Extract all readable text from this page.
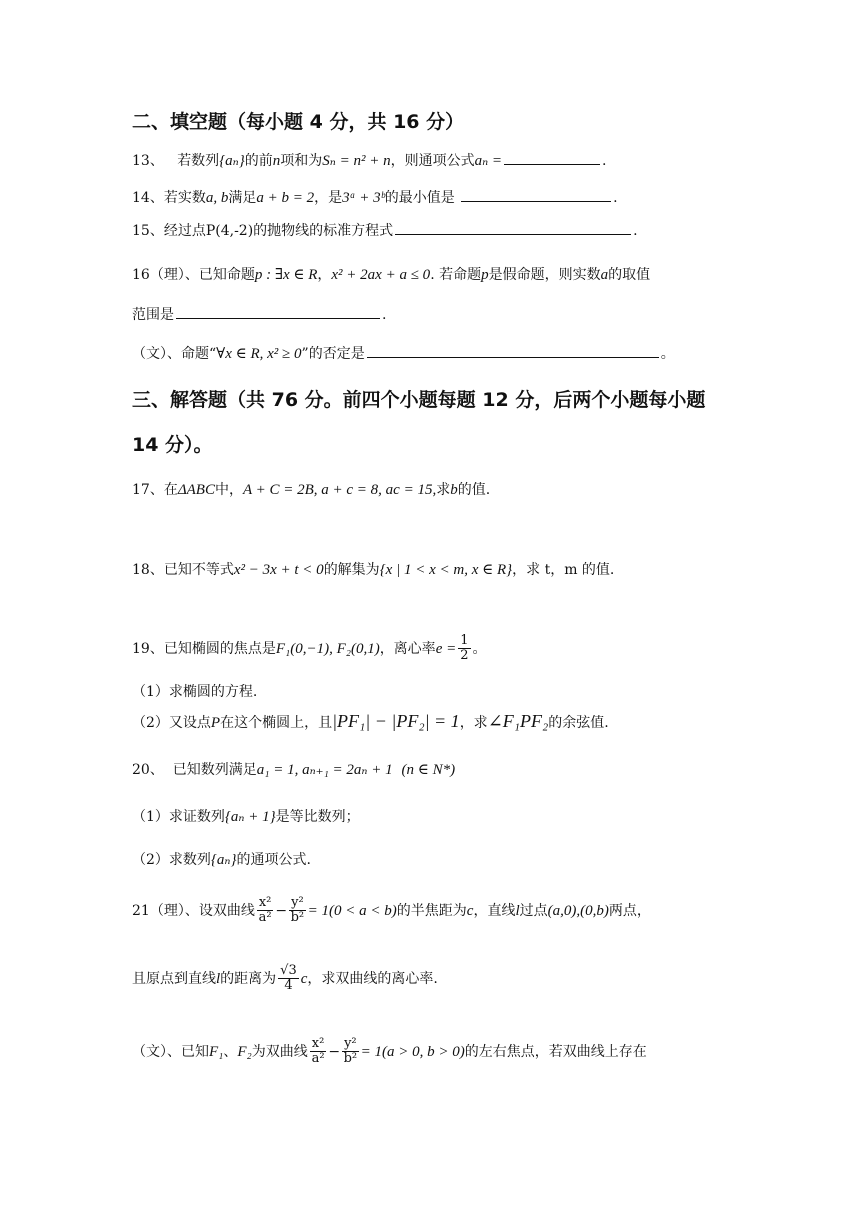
二、填空题（每小题 4 分，共 16 分）
13、 若数列{aₙ}的前n项和为Sₙ = n² + n，则通项公式aₙ =	.
14、若实数a, b满足a + b = 2，是3ᵃ + 3ᵇ的最小值是	.
15、经过点P(4,-2)的抛物线的标准方程式	.
16（理）、已知命题p : ∃x ∈ R，x² + 2ax + a ≤ 0. 若命题p是假命题，则实数a的取值
范围是	.
（文）、命题“∀x ∈ R, x² ≥ 0”的否定是	。
三、解答题（共 76 分。前四个小题每题 12 分，后两个小题每小题
14 分）。
17、在ΔABC中，A + C = 2B, a + c = 8, ac = 15,求b的值.
18、已知不等式x² − 3x + t < 0的解集为{x | 1 < x < m, x ∈ R}，求 t，m 的值.
19、已知椭圆的焦点是F₁(0,−1), F₂(0,1)，离心率$e = \frac{1}{2}$ 。
（1）求椭圆的方程.
（2）又设点P在这个椭圆上，且|PF₁| − |PF₂| = 1，求∠F₁PF₂的余弦值.
20、 已知数列满足a₁ = 1, aₙ₊₁ = 2aₙ + 1 (n ∈ N*)
（1）求证数列{aₙ + 1}是等比数列；
（2）求数列{aₙ}的通项公式.
21（理）、设双曲线 $\frac{\text{x²}}{\text{a²}} - \frac{\text{y²}}{\text{b²}} = 1(0 < a < b)$的半焦距为c，直线l过点(a,0),(0,b)两点，
且原点到直线l的距离为 $\frac{√3}{4}$ c，求双曲线的离心率.
（文）、已知F₁、F₂为双曲线 $\frac{\text{x²}}{\text{a²}} - \frac{\text{y²}}{\text{b²}} = 1(a > 0$, b > 0)的左右焦点，若双曲线上存在
